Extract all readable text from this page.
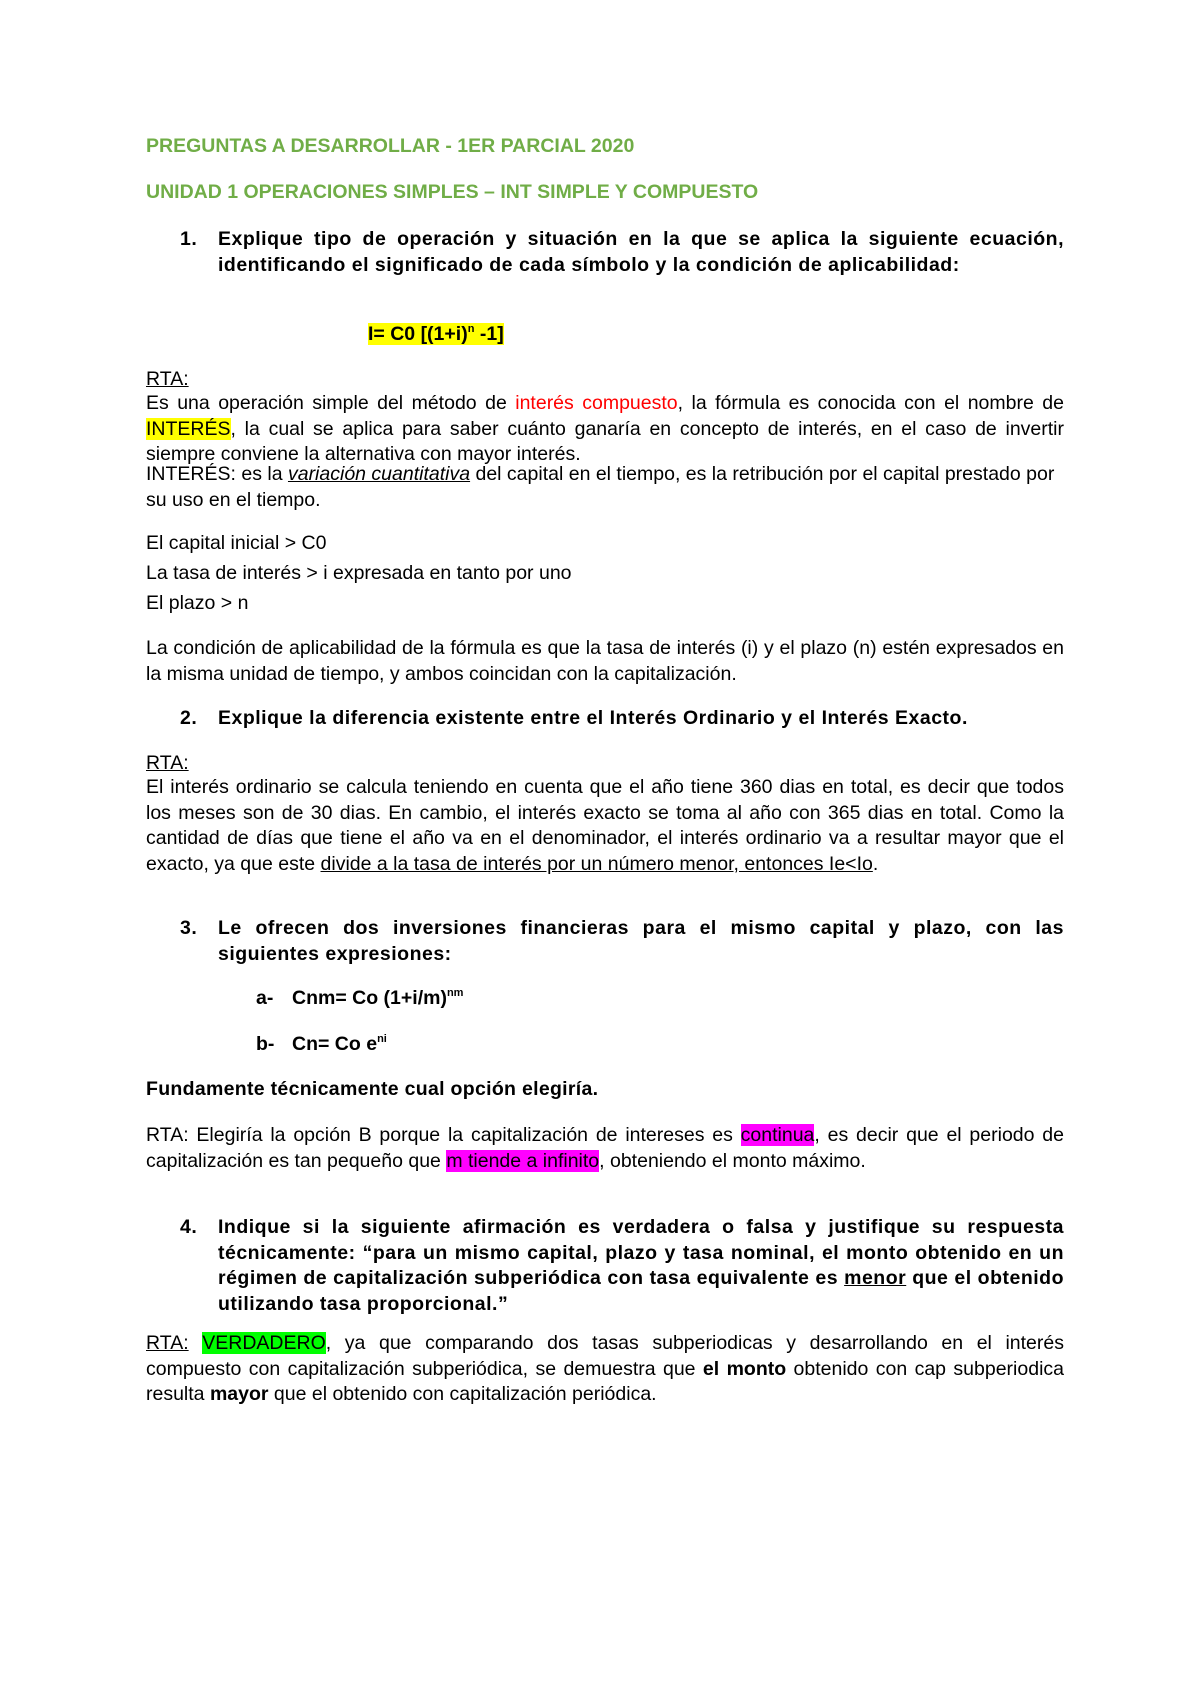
PREGUNTAS A DESARROLLAR - 1ER PARCIAL 2020
UNIDAD 1 OPERACIONES SIMPLES – INT SIMPLE Y COMPUESTO
1.	Explique tipo de operación y situación en la que se aplica la siguiente ecuación, identificando el significado de cada símbolo y la condición de aplicabilidad:
I= C0 [$(1+i)^n$ -1]

RTA:

Es una operación simple del método de interés compuesto, la fórmula es conocida con el nombre de INTERÉS, la cual se aplica para saber cuánto ganaría en concepto de interés, en el caso de invertir siempre conviene la alternativa con mayor interés.

INTERÉS: es la variación cuantitativa del capital en el tiempo, es la retribución por el capital prestado por su uso en el tiempo.

El capital inicial > C0

La tasa de interés > i expresada en tanto por uno

El plazo > n

La condición de aplicabilidad de la fórmula es que la tasa de interés (i) y el plazo (n) estén expresados en la misma unidad de tiempo, y ambos coincidan con la capitalización.

2.	Explique la diferencia existente entre el Interés Ordinario y el Interés Exacto.

RTA:

El interés ordinario se calcula teniendo en cuenta que el año tiene 360 dias en total, es decir que todos los meses son de 30 dias. En cambio, el interés exacto se toma al año con 365 dias en total. Como la cantidad de días que tiene el año va en el denominador, el interés ordinario va a resultar mayor que el exacto, ya que este divide a la tasa de interés por un número menor, entonces Ie<Io.

3.	Le ofrecen dos inversiones financieras para el mismo capital y plazo, con las siguientes expresiones:
a- Cnm= Co $(1+i/m)^{nm}$
b- Cn= Co $e^{ni}$

Fundamente técnicamente cual opción elegiría.

RTA: Elegiría la opción B porque la capitalización de intereses es continua, es decir que el periodo de capitalización es tan pequeño que m tiende a infinito, obteniendo el monto máximo.

4.	Indique si la siguiente afirmación es verdadera o falsa y justifique su respuesta técnicamente: “para un mismo capital, plazo y tasa nominal, el monto obtenido en un régimen de capitalización subperiódica con tasa equivalente es menor que el obtenido utilizando tasa proporcional.”

RTA: VERDADERO, ya que comparando dos tasas subperiodicas y desarrollando en el interés compuesto con capitalización subperiódica, se demuestra que el monto obtenido con cap subperiodica resulta mayor que el obtenido con capitalización periódica.
